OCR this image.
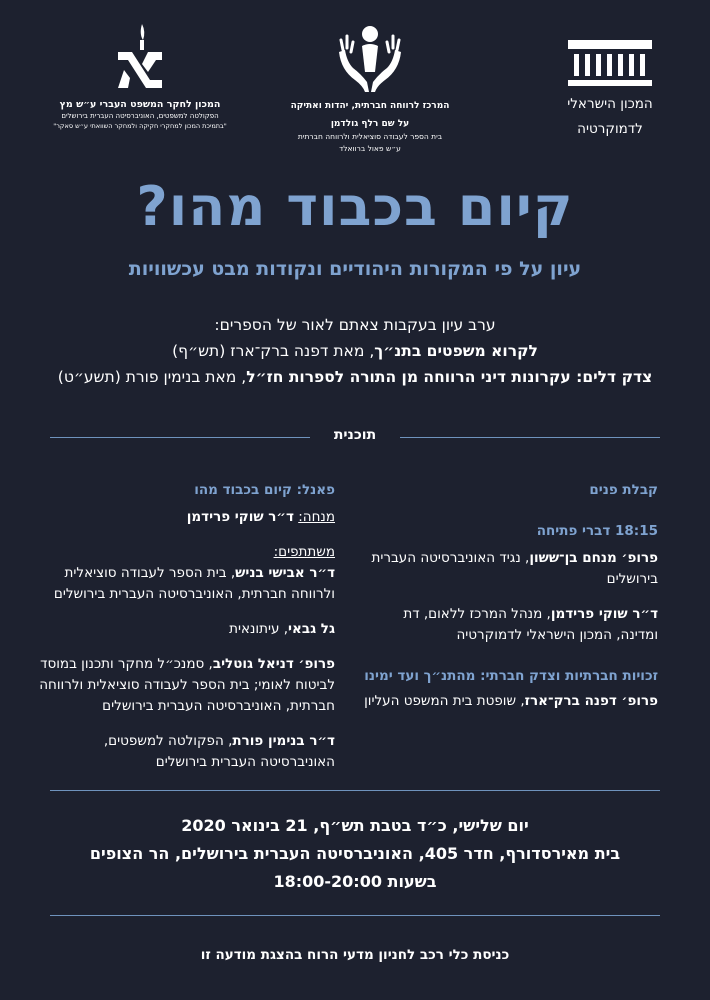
המכון הישראלי
לדמוקרטיה
המרכז לרווחה חברתית, יהדות ואתיקה
על שם רלף גולדמן
בית הספר לעבודה סוציאלית ולרווחה חברתית
ע״ש פאול ברוואלד
המכון לחקר המשפט העברי ע״ש מץ
הפקולטה למשפטים, האוניברסיטה העברית בירושלים
"בתמיכת המכון למחקרי חקיקה ולמחקר השוואתי ע״ש סאקר"
קיום בכבוד מהו?
עיון על פי המקורות היהודיים ונקודות מבט עכשוויות
ערב עיון בעקבות צאתם לאור של הספרים:
לקרוא משפטים בתנ״ך, מאת דפנה ברק־ארז (תש״ף)
צדק דלים: עקרונות דיני הרווחה מן התורה לספרות חז״ל, מאת בנימין פורת (תשע״ט)
תוכנית

קבלת פנים

18:15 דברי פתיחה

פרופ׳ מנחם בן־ששון, נגיד האוניברסיטה העברית בירושלים

ד״ר שוקי פרידמן, מנהל המרכז ללאום, דת ומדינה, המכון הישראלי לדמוקרטיה

זכויות חברתיות וצדק חברתי: מהתנ״ך ועד ימינו

פרופ׳ דפנה ברק־ארז, שופטת בית המשפט העליון

פאנל: קיום בכבוד מהו

מנחה: ד״ר שוקי פרידמן

משתתפים:

ד״ר אבישי בניש, בית הספר לעבודה סוציאלית ולרווחה חברתית, האוניברסיטה העברית בירושלים

גל גבאי, עיתונאית

פרופ׳ דניאל גוטליב, סמנכ״ל מחקר ותכנון במוסד לביטוח לאומי; בית הספר לעבודה סוציאלית ולרווחה חברתית, האוניברסיטה העברית בירושלים

ד״ר בנימין פורת, הפקולטה למשפטים, האוניברסיטה העברית בירושלים

יום שלישי, כ״ד בטבת תש״ף, 21 בינואר 2020
בית מאירסדורף, חדר 405, האוניברסיטה העברית בירושלים, הר הצופים
בשעות 18:00-20:00
כניסת כלי רכב לחניון מדעי הרוח בהצגת מודעה זו
